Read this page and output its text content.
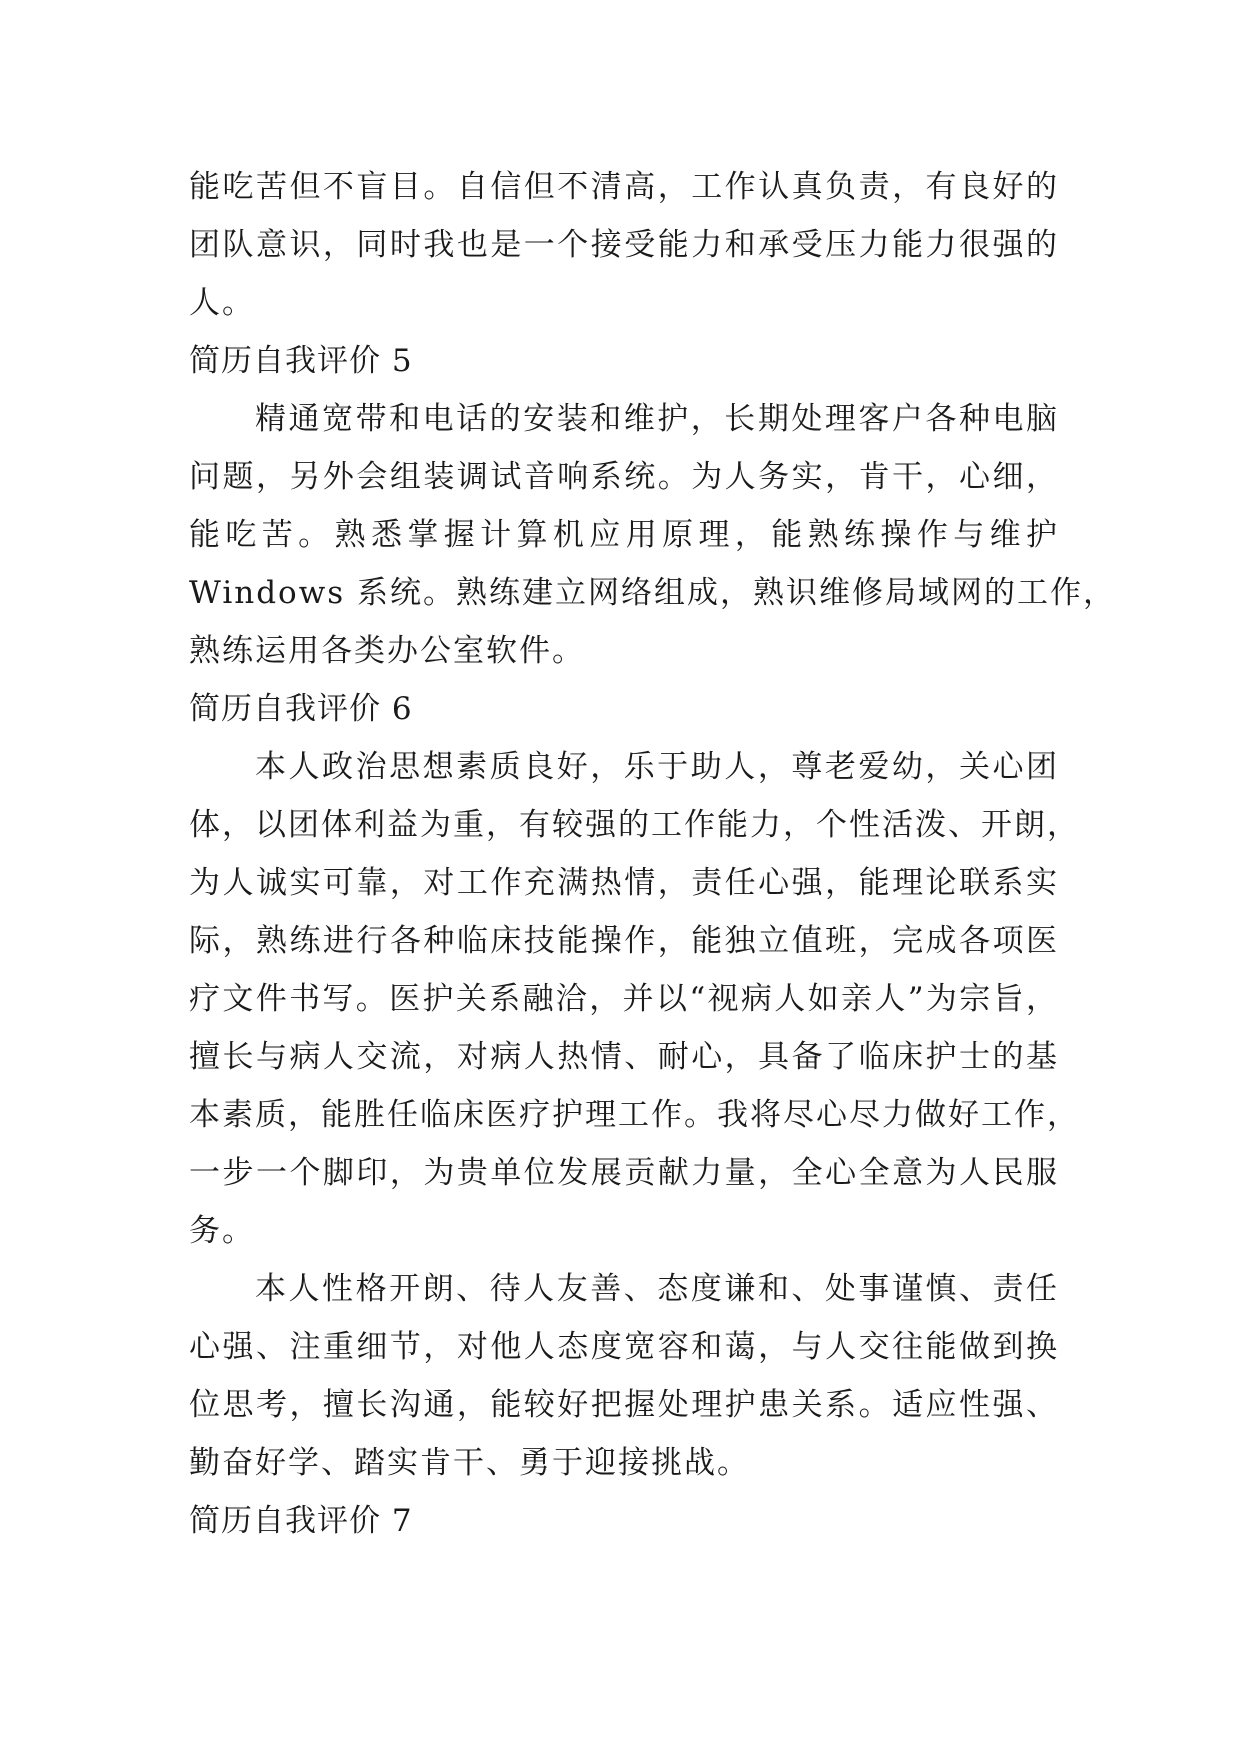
能吃苦但不盲目。自信但不清高，工作认真负责，有良好的
团队意识，同时我也是一个接受能力和承受压力能力很强的
人。
简历自我评价 5
精通宽带和电话的安装和维护，长期处理客户各种电脑
问题，另外会组装调试音响系统。为人务实，肯干，心细，
能吃苦。熟悉掌握计算机应用原理，能熟练操作与维护
Windows 系统。熟练建立网络组成，熟识维修局域网的工作，
熟练运用各类办公室软件。
简历自我评价 6
本人政治思想素质良好，乐于助人，尊老爱幼，关心团
体，以团体利益为重，有较强的工作能力，个性活泼、开朗，
为人诚实可靠，对工作充满热情，责任心强，能理论联系实
际，熟练进行各种临床技能操作，能独立值班，完成各项医
疗文件书写。医护关系融洽，并以“视病人如亲人”为宗旨，
擅长与病人交流，对病人热情、耐心，具备了临床护士的基
本素质，能胜任临床医疗护理工作。我将尽心尽力做好工作，
一步一个脚印，为贵单位发展贡献力量，全心全意为人民服
务。
本人性格开朗、待人友善、态度谦和、处事谨慎、责任
心强、注重细节，对他人态度宽容和蔼，与人交往能做到换
位思考，擅长沟通，能较好把握处理护患关系。适应性强、
勤奋好学、踏实肯干、勇于迎接挑战。
简历自我评价 7
